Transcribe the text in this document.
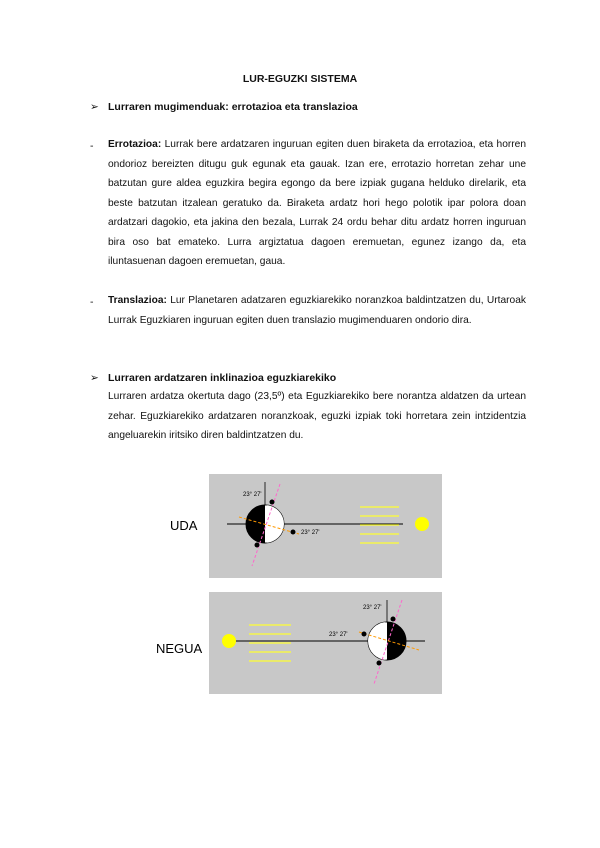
LUR-EGUZKI SISTEMA
➢ Lurraren mugimenduak: errotazioa eta translazioa
- Errotazioa: Lurrak bere ardatzaren inguruan egiten duen biraketa da errotazioa, eta horren ondorioz bereizten ditugu guk egunak eta gauak. Izan ere, errotazio horretan zehar une batzutan gure aldea eguzkira begira egongo da bere izpiak gugana helduko direlarik, eta beste batzutan itzalean geratuko da. Biraketa ardatz hori hego polotik ipar polora doan ardatzari dagokio, eta jakina den bezala, Lurrak 24 ordu behar ditu ardatz horren inguruan bira oso bat emateko. Lurra argiztatua dagoen eremuetan, egunez izango da, eta iluntasuenan dagoen eremuetan, gaua.
- Translazioa: Lur Planetaren adatzaren eguzkiarekiko noranzkoa baldintzatzen du, Urtaroak Lurrak Eguzkiaren inguruan egiten duen translazio mugimenduaren ondorio dira.
➢ Lurraren ardatzaren inklinazioa eguzkiarekiko
Lurraren ardatza okertuta dago (23,5º) eta Eguzkiarekiko bere norantza aldatzen da urtean zehar. Eguzkiarekiko ardatzaren noranzkoak, eguzki izpiak toki horretara zein intzidentzia angeluarekin iritsiko diren baldintzatzen du.
UDA
23° 27'
23° 27'
NEGUA
23° 27'
23° 27'
